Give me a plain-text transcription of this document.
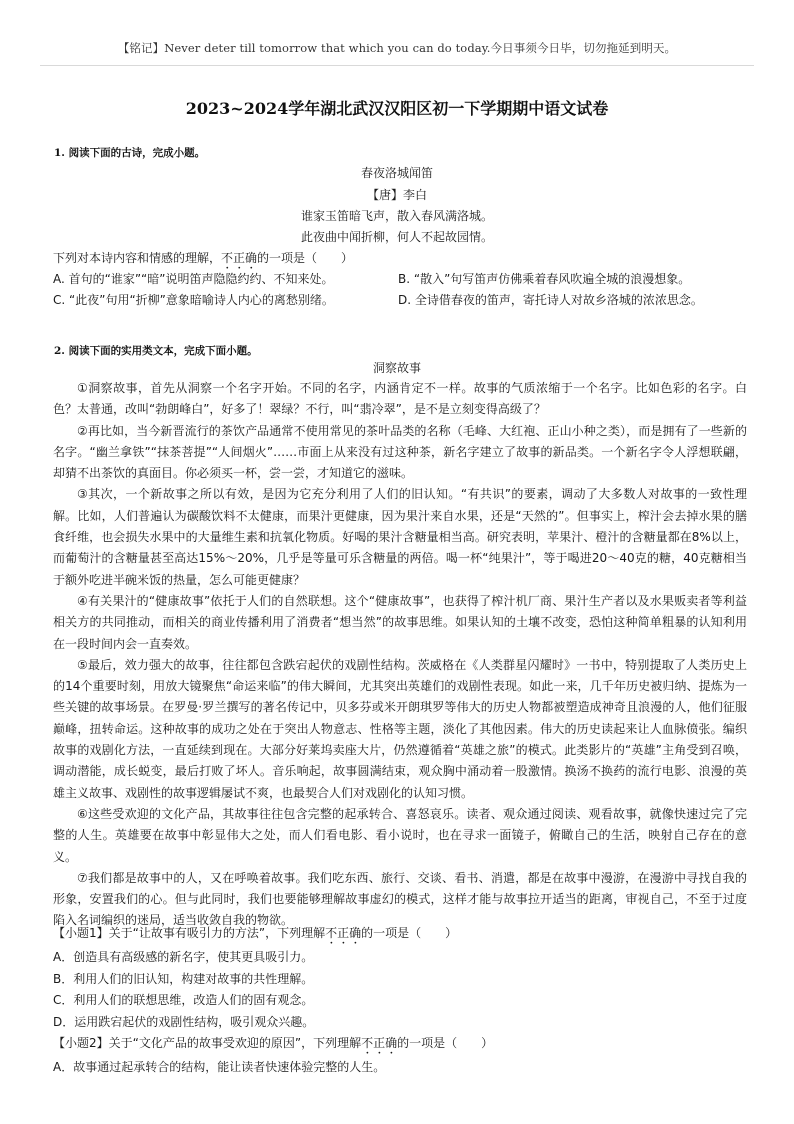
【铭记】Never deter till tomorrow that which you can do today.今日事须今日毕，切勿拖延到明天。
2023~2024学年湖北武汉汉阳区初一下学期期中语文试卷
1. 阅读下面的古诗，完成小题。
春夜洛城闻笛
【唐】李白
谁家玉笛暗飞声，散入春风满洛城。
此夜曲中闻折柳，何人不起故园情。
下列对本诗内容和情感的理解，不正确的一项是（　　）
A. 首句的“谁家”“暗”说明笛声隐隐约约、不知来处。	B. “散入”句写笛声仿佛乘着春风吹遍全城的浪漫想象。
C. “此夜”句用“折柳”意象暗喻诗人内心的离愁别绪。	D. 全诗借春夜的笛声，寄托诗人对故乡洛城的浓浓思念。
2. 阅读下面的实用类文本，完成下面小题。
洞察故事

①洞察故事，首先从洞察一个名字开始。不同的名字，内涵肯定不一样。故事的气质浓缩于一个名字。比如色彩的名字。白色？太普通，改叫“勃朗峰白”，好多了！翠绿？不行，叫“翡冷翠”，是不是立刻变得高级了？

②再比如，当今新晋流行的茶饮产品通常不使用常见的茶叶品类的名称（毛峰、大红袍、正山小种之类），而是拥有了一些新的名字。“幽兰拿铁”“抹茶菩提”“人间烟火”……市面上从来没有过这种茶，新名字建立了故事的新品类。一个新名字令人浮想联翩，却猜不出茶饮的真面目。你必须买一杯，尝一尝，才知道它的滋味。

③其次，一个新故事之所以有效，是因为它充分利用了人们的旧认知。“有共识”的要素，调动了大多数人对故事的一致性理解。比如，人们普遍认为碳酸饮料不太健康，而果汁更健康，因为果汁来自水果，还是“天然的”。但事实上，榨汁会去掉水果的膳食纤维，也会损失水果中的大量维生素和抗氧化物质。好喝的果汁含糖量相当高。研究表明，苹果汁、橙汁的含糖量都在8%以上，而葡萄汁的含糖量甚至高达15%～20%，几乎是等量可乐含糖量的两倍。喝一杯“纯果汁”，等于喝进20～40克的糖，40克糖相当于额外吃进半碗米饭的热量，怎么可能更健康？

④有关果汁的“健康故事”依托于人们的自然联想。这个“健康故事”，也获得了榨汁机厂商、果汁生产者以及水果贩卖者等利益相关方的共同推动，而相关的商业传播利用了消费者“想当然”的故事思维。如果认知的土壤不改变，恐怕这种简单粗暴的认知利用在一段时间内会一直奏效。

⑤最后，效力强大的故事，往往都包含跌宕起伏的戏剧性结构。茨威格在《人类群星闪耀时》一书中，特别提取了人类历史上的14个重要时刻，用放大镜聚焦“命运来临”的伟大瞬间，尤其突出英雄们的戏剧性表现。如此一来，几千年历史被归纳、提炼为一些关键的故事场景。在罗曼·罗兰撰写的著名传记中，贝多芬或米开朗琪罗等伟大的历史人物都被塑造成神奇且浪漫的人，他们征服巅峰，扭转命运。这种故事的成功之处在于突出人物意志、性格等主题，淡化了其他因素。伟大的历史读起来让人血脉偾张。编织故事的戏剧化方法，一直延续到现在。大部分好莱坞卖座大片，仍然遵循着“英雄之旅”的模式。此类影片的“英雄”主角受到召唤，调动潜能，成长蜕变，最后打败了坏人。音乐响起，故事圆满结束，观众胸中涌动着一股激情。换汤不换药的流行电影、浪漫的英雄主义故事、戏剧性的故事逻辑屡试不爽，也最契合人们对戏剧化的认知习惯。

⑥这些受欢迎的文化产品，其故事往往包含完整的起承转合、喜怒哀乐。读者、观众通过阅读、观看故事，就像快速过完了完整的人生。英雄要在故事中彰显伟大之处，而人们看电影、看小说时，也在寻求一面镜子，俯瞰自己的生活，映射自己存在的意义。

⑦我们都是故事中的人，又在呼唤着故事。我们吃东西、旅行、交谈、看书、消遣，都是在故事中漫游，在漫游中寻找自我的形象，安置我们的心。但与此同时，我们也要能够理解故事虚幻的模式，这样才能与故事拉开适当的距离，审视自己，不至于过度陷入名词编织的迷局，适当收敛自我的物欲。

【小题1】关于“让故事有吸引力的方法”，下列理解不正确的一项是（　　）
A．创造具有高级感的新名字，使其更具吸引力。
B．利用人们的旧认知，构建对故事的共性理解。
C．利用人们的联想思维，改造人们的固有观念。
D．运用跌宕起伏的戏剧性结构，吸引观众兴趣。
【小题2】关于“文化产品的故事受欢迎的原因”，下列理解不正确的一项是（　　）
A．故事通过起承转合的结构，能让读者快速体验完整的人生。
